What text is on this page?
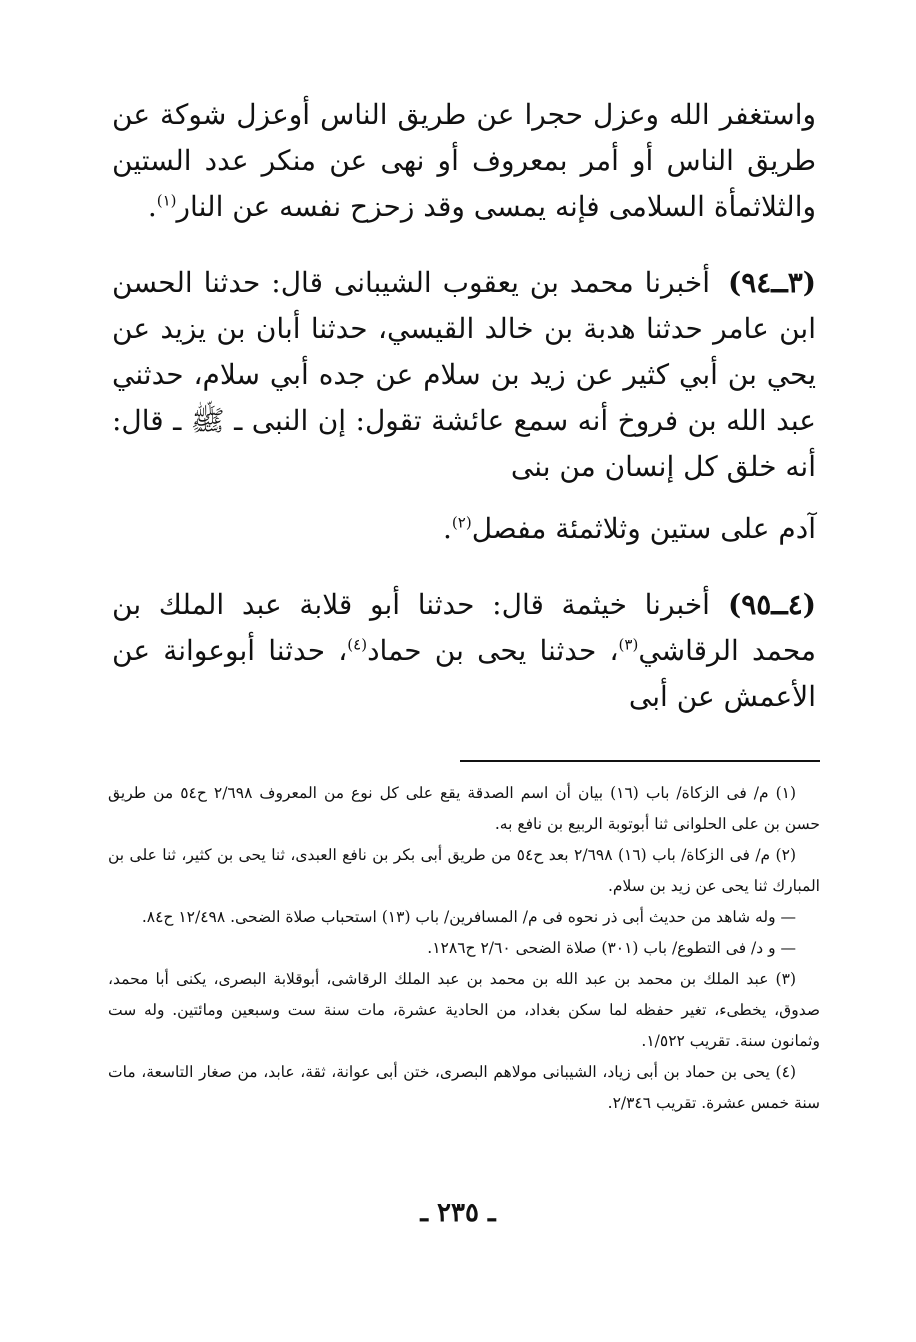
واستغفر الله وعزل حجرا عن طريق الناس أوعزل شوكة عن طريق الناس أو أمر بمعروف أو نهى عن منكر عدد الستين والثلاثمأة السلامى فإنه يمسى وقد زحزح نفسه عن النار$^{(١)}$.

(٣ــ٩٤)أخبرنا محمد بن يعقوب الشيبانى قال: حدثنا الحسن ابن عامر حدثنا هدبة بن خالد القيسي، حدثنا أبان بن يزيد عن يحي بن أبي كثير عن زيد بن سلام عن جده أبي سلام، حدثني عبد الله بن فروخ أنه سمع عائشة تقول: إن النبى ـ ﷺ ـ قال: أنه خلق كل إنسان من بنى
آدم على ستين وثلاثمئة مفصل$^{(٢)}$.

(٤ــ٩٥)أخبرنا خيثمة قال: حدثنا أبو قلابة عبد الملك بن محمد الرقاشي$^{(٣)}$، حدثنا يحى بن حماد$^{(٤)}$، حدثنا أبوعوانة عن الأعمش عن أبى

(١) م/ فى الزكاة/ باب (١٦) بيان أن اسم الصدقة يقع على كل نوع من المعروف ٢/٦٩٨ ح٥٤ من طريق حسن بن على الحلوانى ثنا أبوتوبة الربيع بن نافع به.

(٢) م/ فى الزكاة/ باب (١٦) ٢/٦٩٨ بعد ح٥٤ من طريق أبى بكر بن نافع العبدى، ثنا يحى بن كثير، ثنا على بن المبارك ثنا يحى عن زيد بن سلام.

— وله شاهد من حديث أبى ذر نحوه فى م/ المسافرين/ باب (١٣) استحباب صلاة الضحى. ١٢/٤٩٨ ح٨٤.

— و د/ فى التطوع/ باب (٣٠١) صلاة الضحى ٢/٦٠ ح١٢٨٦.

(٣) عبد الملك بن محمد بن عبد الله بن محمد بن عبد الملك الرقاشى، أبوقلابة البصرى، يكنى أبا محمد، صدوق، يخطىء، تغير حفظه لما سكن بغداد، من الحادية عشرة، مات سنة ست وسبعين ومائتين. وله ست وثمانون سنة. تقريب ١/٥٢٢.

(٤) يحى بن حماد بن أبى زياد، الشيبانى مولاهم البصرى، ختن أبى عوانة، ثقة، عابد، من صغار التاسعة، مات سنة خمس عشرة. تقريب ٢/٣٤٦.

ـ ٢٣٥ ـ
